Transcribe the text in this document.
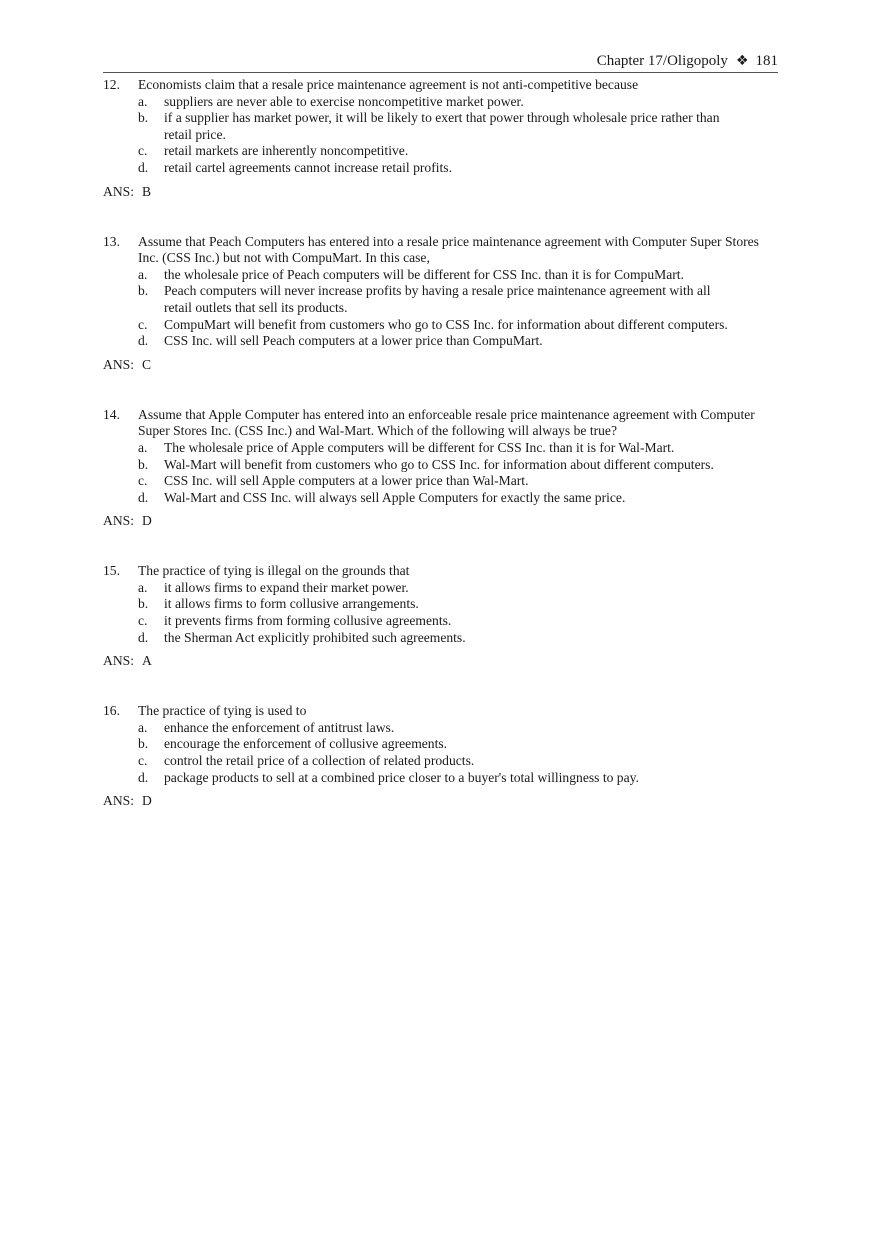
Chapter 17/Oligopoly ❖ 181
12. Economists claim that a resale price maintenance agreement is not anti-competitive because
a. suppliers are never able to exercise noncompetitive market power.
b. if a supplier has market power, it will be likely to exert that power through wholesale price rather than retail price.
c. retail markets are inherently noncompetitive.
d. retail cartel agreements cannot increase retail profits.
ANS: B
13. Assume that Peach Computers has entered into a resale price maintenance agreement with Computer Super Stores Inc. (CSS Inc.) but not with CompuMart. In this case,
a. the wholesale price of Peach computers will be different for CSS Inc. than it is for CompuMart.
b. Peach computers will never increase profits by having a resale price maintenance agreement with all retail outlets that sell its products.
c. CompuMart will benefit from customers who go to CSS Inc. for information about different computers.
d. CSS Inc. will sell Peach computers at a lower price than CompuMart.
ANS: C
14. Assume that Apple Computer has entered into an enforceable resale price maintenance agreement with Computer Super Stores Inc. (CSS Inc.) and Wal-Mart. Which of the following will always be true?
a. The wholesale price of Apple computers will be different for CSS Inc. than it is for Wal-Mart.
b. Wal-Mart will benefit from customers who go to CSS Inc. for information about different computers.
c. CSS Inc. will sell Apple computers at a lower price than Wal-Mart.
d. Wal-Mart and CSS Inc. will always sell Apple Computers for exactly the same price.
ANS: D
15. The practice of tying is illegal on the grounds that
a. it allows firms to expand their market power.
b. it allows firms to form collusive arrangements.
c. it prevents firms from forming collusive agreements.
d. the Sherman Act explicitly prohibited such agreements.
ANS: A
16. The practice of tying is used to
a. enhance the enforcement of antitrust laws.
b. encourage the enforcement of collusive agreements.
c. control the retail price of a collection of related products.
d. package products to sell at a combined price closer to a buyer's total willingness to pay.
ANS: D
